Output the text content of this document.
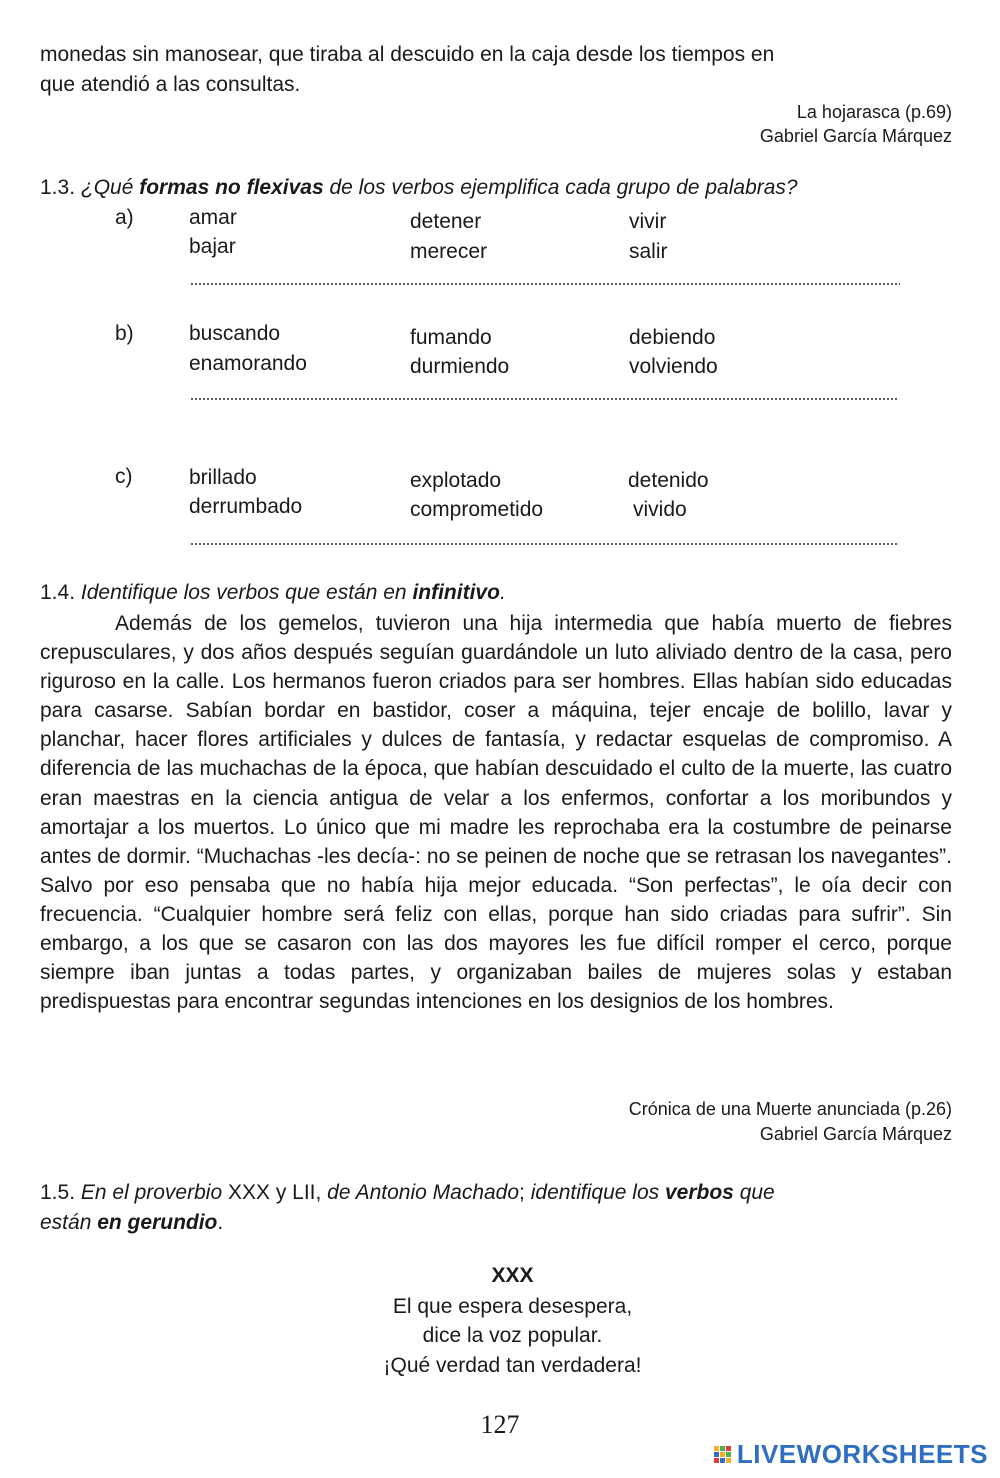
monedas sin manosear, que tiraba al descuido en la caja desde los tiempos en
que atendió a las consultas.
La hojarasca (p.69)
Gabriel García Márquez
1.3. ¿Qué formas no flexivas de los verbos ejemplifica cada grupo de palabras?
a)	amar	detener	vivir
bajar	merecer	salir
b)	buscando	fumando	debiendo
enamorando	durmiendo	volviendo
c)	brillado	explotado	detenido
derrumbado	comprometido	vivido
1.4. Identifique los verbos que están en infinitivo.
Además de los gemelos, tuvieron una hija intermedia que había muerto de fiebres crepusculares, y dos años después seguían guardándole un luto aliviado dentro de la casa, pero riguroso en la calle. Los hermanos fueron criados para ser hombres. Ellas habían sido educadas para casarse. Sabían bordar en bastidor, coser a máquina, tejer encaje de bolillo, lavar y planchar, hacer flores artificiales y dulces de fantasía, y redactar esquelas de compromiso. A diferencia de las muchachas de la época, que habían descuidado el culto de la muerte, las cuatro eran maestras en la ciencia antigua de velar a los enfermos, confortar a los moribundos y amortajar a los muertos. Lo único que mi madre les reprochaba era la costumbre de peinarse antes de dormir. “Muchachas -les decía-: no se peinen de noche que se retrasan los navegantes”. Salvo por eso pensaba que no había hija mejor educada. “Son perfectas”, le oía decir con frecuencia. “Cualquier hombre será feliz con ellas, porque han sido criadas para sufrir”. Sin embargo, a los que se casaron con las dos mayores les fue difícil romper el cerco, porque siempre iban juntas a todas partes, y organizaban bailes de mujeres solas y estaban predispuestas para encontrar segundas intenciones en los designios de los hombres.
Crónica de una Muerte anunciada (p.26)
Gabriel García Márquez
1.5. En el proverbio XXX y LII, de Antonio Machado; identifique los verbos que
están en gerundio.
XXX
El que espera desespera,
dice la voz popular.
¡Qué verdad tan verdadera!
127
LIVEWORKSHEETS
